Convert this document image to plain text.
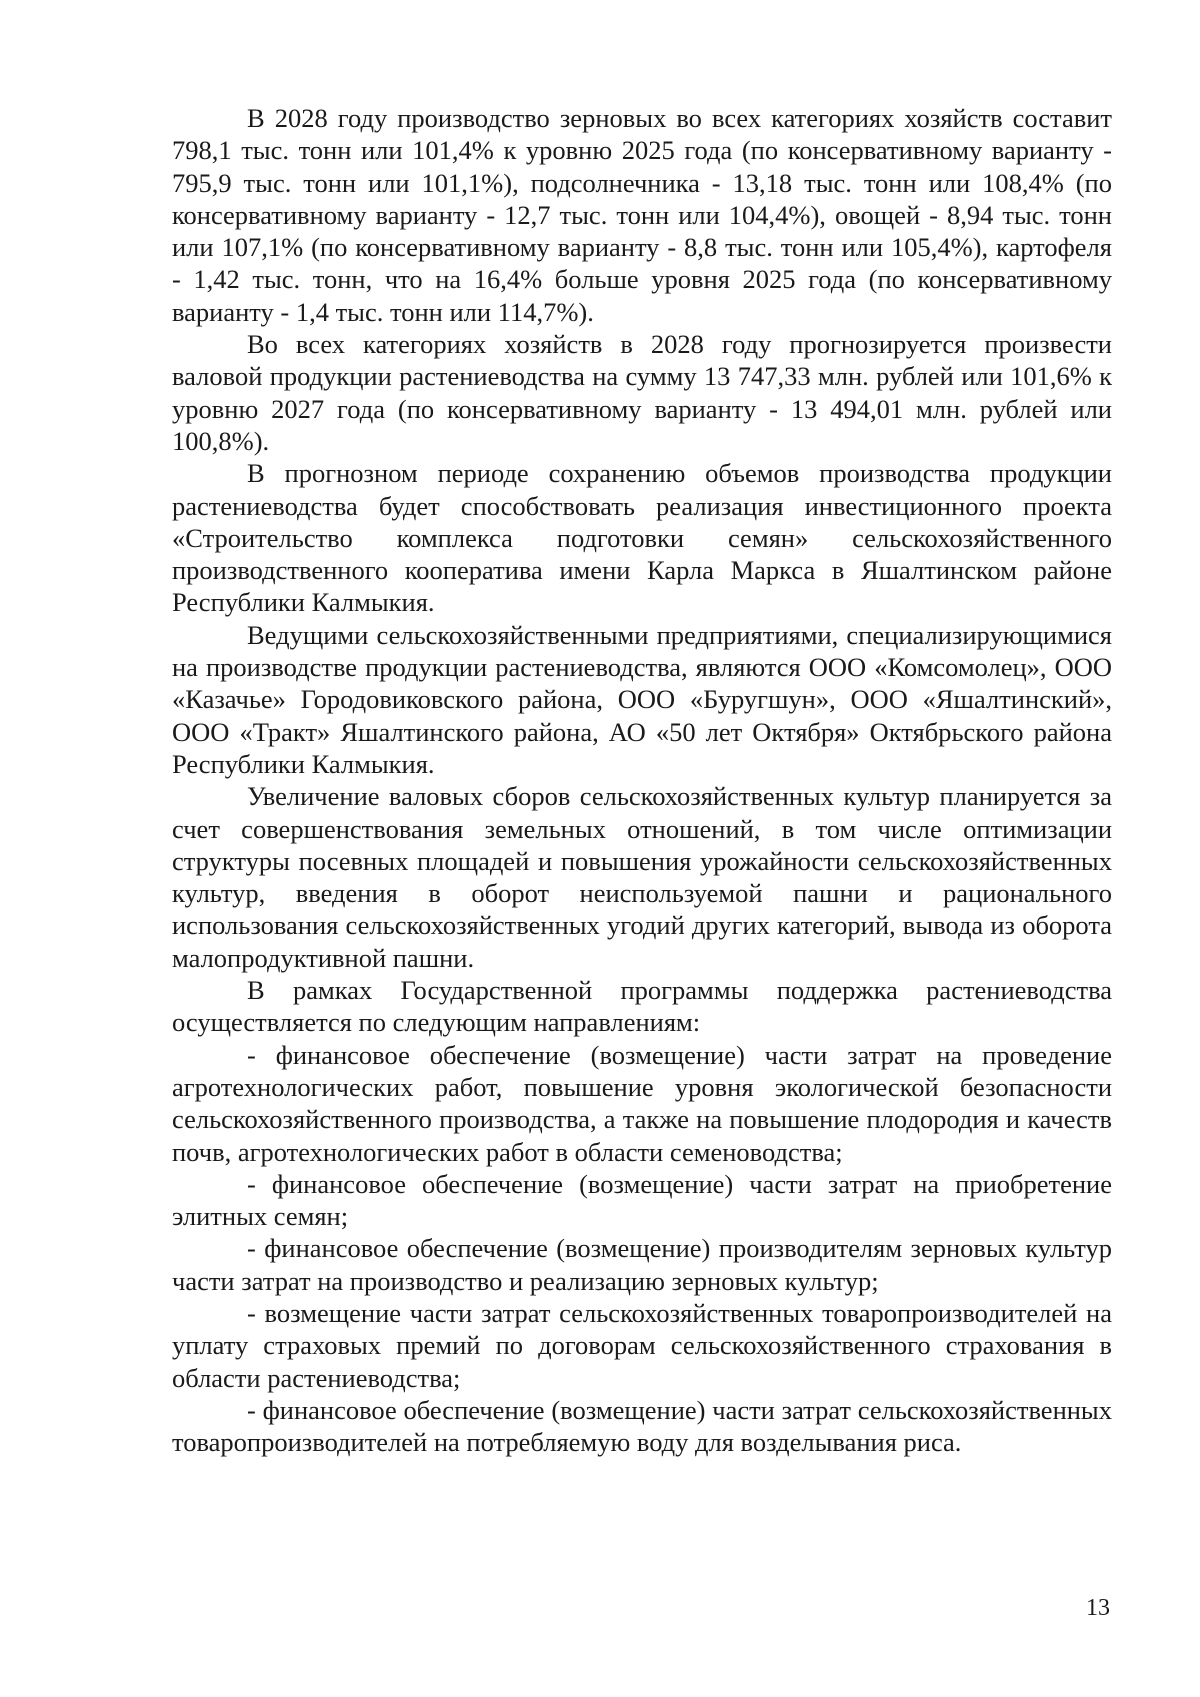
В 2028 году производство зерновых во всех категориях хозяйств составит 798,1 тыс. тонн или 101,4% к уровню 2025 года (по консервативному варианту - 795,9 тыс. тонн или 101,1%), подсолнечника - 13,18 тыс. тонн или 108,4% (по консервативному варианту - 12,7 тыс. тонн или 104,4%), овощей - 8,94 тыс. тонн или 107,1% (по консервативному варианту - 8,8 тыс. тонн или 105,4%), картофеля - 1,42 тыс. тонн, что на 16,4% больше уровня 2025 года (по консервативному варианту - 1,4 тыс. тонн или 114,7%).

Во всех категориях хозяйств в 2028 году прогнозируется произвести валовой продукции растениеводства на сумму 13 747,33 млн. рублей или 101,6% к уровню 2027 года (по консервативному варианту - 13 494,01 млн. рублей или 100,8%).

В прогнозном периоде сохранению объемов производства продукции растениеводства будет способствовать реализация инвестиционного проекта «Строительство комплекса подготовки семян» сельскохозяйственного производственного кооператива имени Карла Маркса в Яшалтинском районе Республики Калмыкия.

Ведущими сельскохозяйственными предприятиями, специализирующимися на производстве продукции растениеводства, являются ООО «Комсомолец», ООО «Казачье» Городовиковского района, ООО «Буругшун», ООО «Яшалтинский», ООО «Тракт» Яшалтинского района, АО «50 лет Октября» Октябрьского района Республики Калмыкия.

Увеличение валовых сборов сельскохозяйственных культур планируется за счет совершенствования земельных отношений, в том числе оптимизации структуры посевных площадей и повышения урожайности сельскохозяйственных культур, введения в оборот неиспользуемой пашни и рационального использования сельскохозяйственных угодий других категорий, вывода из оборота малопродуктивной пашни.

В рамках Государственной программы поддержка растениеводства осуществляется по следующим направлениям:

- финансовое обеспечение (возмещение) части затрат на проведение агротехнологических работ, повышение уровня экологической безопасности сельскохозяйственного производства, а также на повышение плодородия и качеств почв, агротехнологических работ в области семеноводства;

- финансовое обеспечение (возмещение) части затрат на приобретение элитных семян;

- финансовое обеспечение (возмещение) производителям зерновых культур части затрат на производство и реализацию зерновых культур;

- возмещение части затрат сельскохозяйственных товаропроизводителей на уплату страховых премий по договорам сельскохозяйственного страхования в области растениеводства;

- финансовое обеспечение (возмещение) части затрат сельскохозяйственных товаропроизводителей на потребляемую воду для возделывания риса.

13
